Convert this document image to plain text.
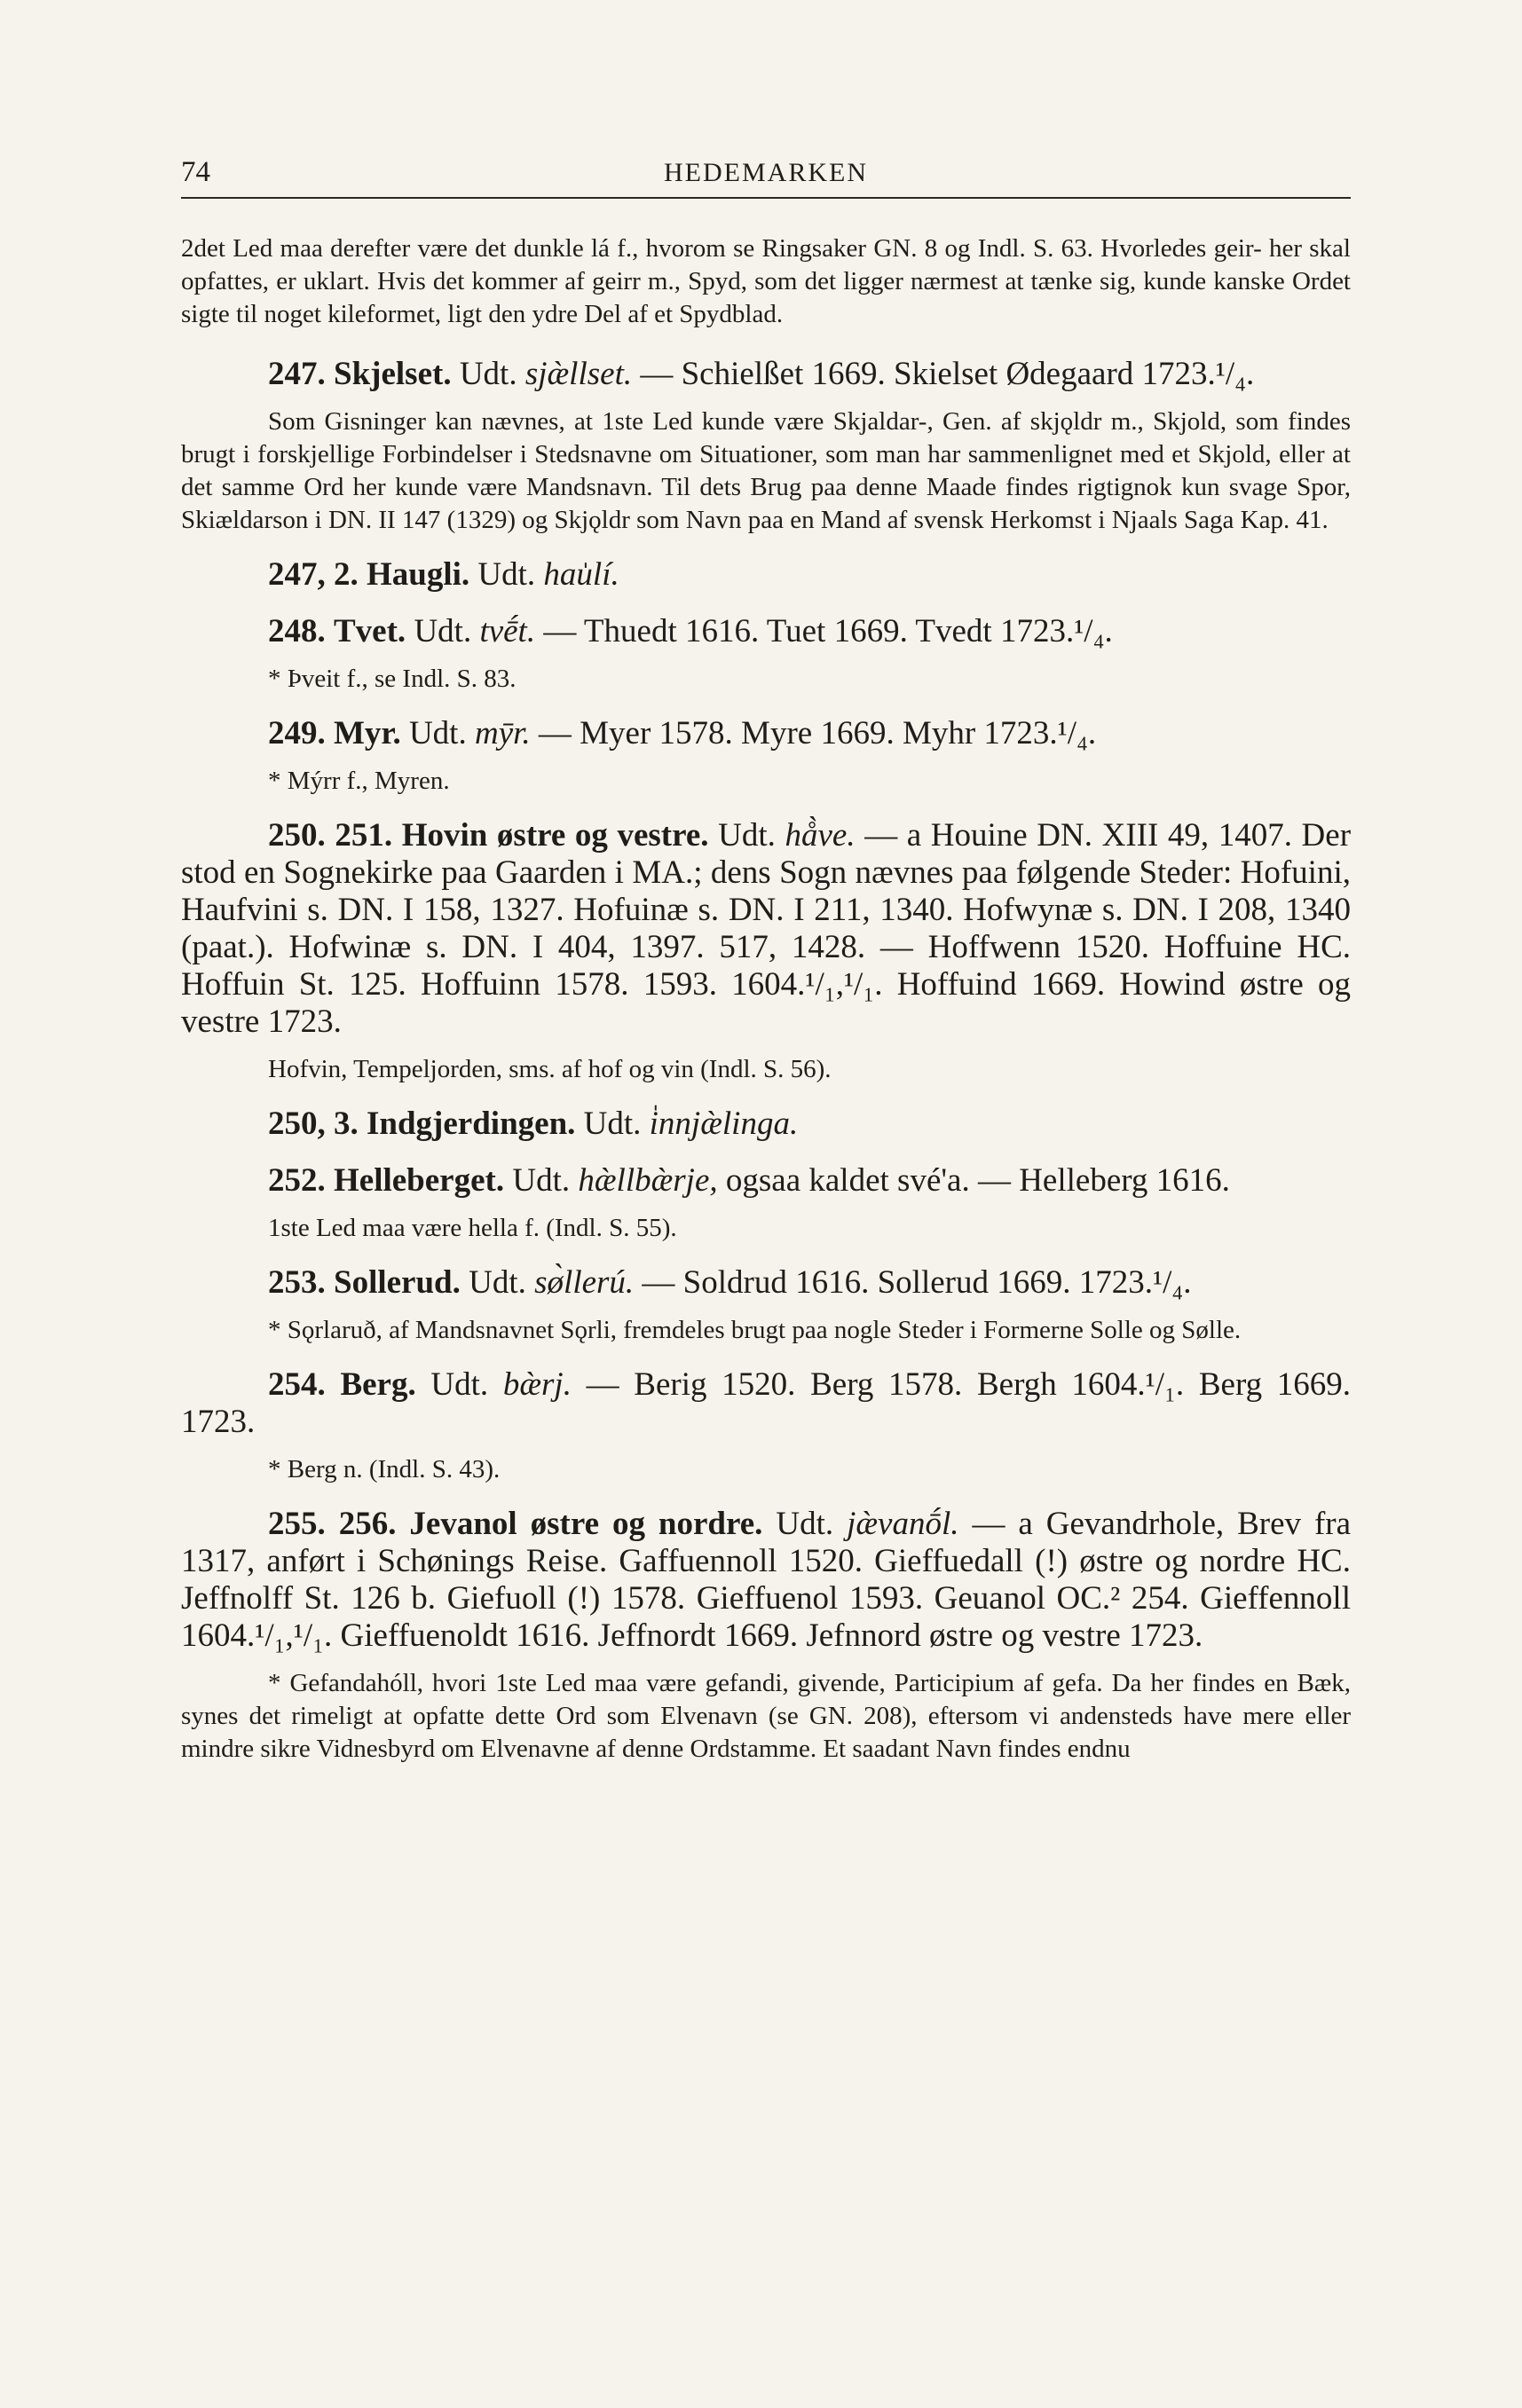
74	HEDEMARKEN

2det Led maa derefter være det dunkle lá f., hvorom se Ringsaker GN. 8 og Indl. S. 63. Hvorledes geir- her skal opfattes, er uklart. Hvis det kommer af geirr m., Spyd, som det ligger nærmest at tænke sig, kunde kanske Ordet sigte til noget kileformet, ligt den ydre Del af et Spydblad.

247. Skjelset. Udt. sjæ̀llset. — Schielßet 1669. Skielset Ødegaard 1723.¹/₄.

Som Gisninger kan nævnes, at 1ste Led kunde være Skjaldar-, Gen. af skjǫldr m., Skjold, som findes brugt i forskjellige Forbindelser i Stedsnavne om Situationer, som man har sammenlignet med et Skjold, eller at det samme Ord her kunde være Mandsnavn. Til dets Brug paa denne Maade findes rigtignok kun svage Spor, Skiældarson i DN. II 147 (1329) og Skjǫldr som Navn paa en Mand af svensk Herkomst i Njaals Saga Kap. 41.

247, 2. Haugli. Udt. hau̍lí.

248. Tvet. Udt. tvḗt. — Thuedt 1616. Tuet 1669. Tvedt 1723.¹/₄.

* Þveit f., se Indl. S. 83.

249. Myr. Udt. mȳr. — Myer 1578. Myre 1669. Myhr 1723.¹/₄.

* Mýrr f., Myren.

250. 251. Hovin østre og vestre. Udt. hå̀ve. — a Houine DN. XIII 49, 1407. Der stod en Sognekirke paa Gaarden i MA.; dens Sogn nævnes paa følgende Steder: Hofuini, Haufvini s. DN. I 158, 1327. Hofuinæ s. DN. I 211, 1340. Hofwynæ s. DN. I 208, 1340 (paat.). Hofwinæ s. DN. I 404, 1397. 517, 1428. — Hoffwenn 1520. Hoffuine HC. Hoffuin St. 125. Hoffuinn 1578. 1593. 1604.¹/₁,¹/₁. Hoffuind 1669. Howind østre og vestre 1723.

Hofvin, Tempeljorden, sms. af hof og vin (Indl. S. 56).

250, 3. Indgjerdingen. Udt. i̍nnjæ̀linga.

252. Helleberget. Udt. hæ̀llbæ̀rje, ogsaa kaldet své'a. — Helleberg 1616.

1ste Led maa være hella f. (Indl. S. 55).

253. Sollerud. Udt. sø̀llerú. — Soldrud 1616. Sollerud 1669. 1723.¹/₄.

* Sǫrlaruð, af Mandsnavnet Sǫrli, fremdeles brugt paa nogle Steder i Formerne Solle og Sølle.

254. Berg. Udt. bæ̀rj. — Berig 1520. Berg 1578. Bergh 1604.¹/₁. Berg 1669. 1723.

* Berg n. (Indl. S. 43).

255. 256. Jevanol østre og nordre. Udt. jæ̀vanṓl. — a Gevandrhole, Brev fra 1317, anført i Schønings Reise. Gaffuennoll 1520. Gieffuedall (!) østre og nordre HC. Jeffnolff St. 126 b. Giefuoll (!) 1578. Gieffuenol 1593. Geuanol OC.² 254. Gieffennoll 1604.¹/₁,¹/₁. Gieffuenoldt 1616. Jeffnordt 1669. Jefnnord østre og vestre 1723.

* Gefandahóll, hvori 1ste Led maa være gefandi, givende, Participium af gefa. Da her findes en Bæk, synes det rimeligt at opfatte dette Ord som Elvenavn (se GN. 208), eftersom vi andensteds have mere eller mindre sikre Vidnesbyrd om Elvenavne af denne Ordstamme. Et saadant Navn findes endnu
